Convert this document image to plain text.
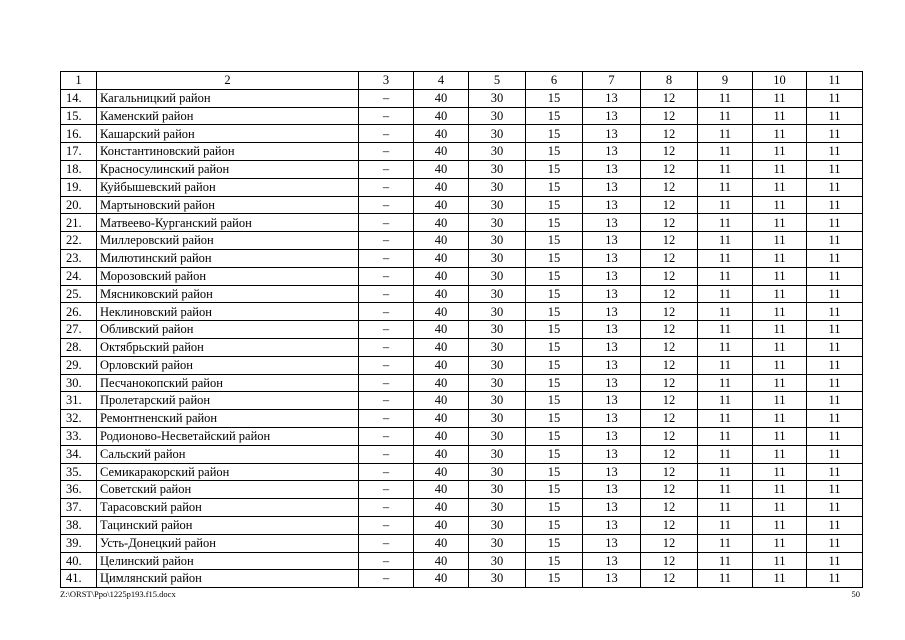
1	2	3	4	5	6	7	8	9	10	11
14.	Кагальницкий район	–	40	30	15	13	12	11	11	11
15.	Каменский район	–	40	30	15	13	12	11	11	11
16.	Кашарский район	–	40	30	15	13	12	11	11	11
17.	Константиновский район	–	40	30	15	13	12	11	11	11
18.	Красносулинский район	–	40	30	15	13	12	11	11	11
19.	Куйбышевский район	–	40	30	15	13	12	11	11	11
20.	Мартыновский район	–	40	30	15	13	12	11	11	11
21.	Матвеево-Курганский район	–	40	30	15	13	12	11	11	11
22.	Миллеровский район	–	40	30	15	13	12	11	11	11
23.	Милютинский район	–	40	30	15	13	12	11	11	11
24.	Морозовский район	–	40	30	15	13	12	11	11	11
25.	Мясниковский район	–	40	30	15	13	12	11	11	11
26.	Неклиновский район	–	40	30	15	13	12	11	11	11
27.	Обливский район	–	40	30	15	13	12	11	11	11
28.	Октябрьский район	–	40	30	15	13	12	11	11	11
29.	Орловский район	–	40	30	15	13	12	11	11	11
30.	Песчанокопский район	–	40	30	15	13	12	11	11	11
31.	Пролетарский район	–	40	30	15	13	12	11	11	11
32.	Ремонтненский район	–	40	30	15	13	12	11	11	11
33.	Родионово-Несветайский район	–	40	30	15	13	12	11	11	11
34.	Сальский район	–	40	30	15	13	12	11	11	11
35.	Семикаракорский район	–	40	30	15	13	12	11	11	11
36.	Советский район	–	40	30	15	13	12	11	11	11
37.	Тарасовский район	–	40	30	15	13	12	11	11	11
38.	Тацинский район	–	40	30	15	13	12	11	11	11
39.	Усть-Донецкий район	–	40	30	15	13	12	11	11	11
40.	Целинский район	–	40	30	15	13	12	11	11	11
41.	Цимлянский район	–	40	30	15	13	12	11	11	11
Z:\ORST\Ppo\1225p193.f15.docx	50
